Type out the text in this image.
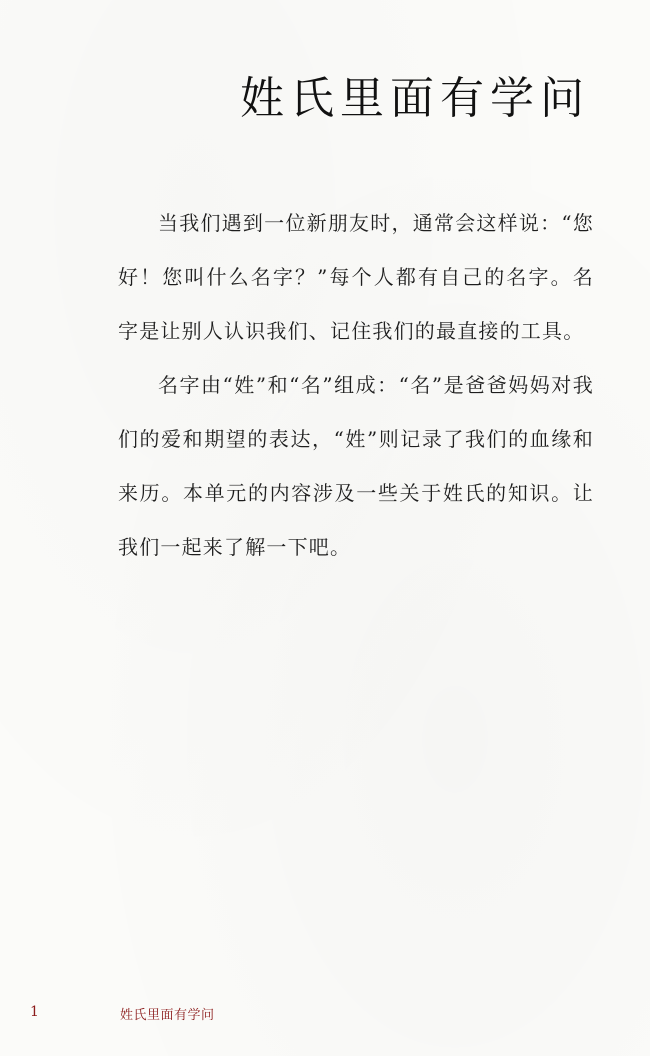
姓氏里面有学问

当我们遇到一位新朋友时，通常会这样说：“您好！您叫什么名字？”每个人都有自己的名字。名字是让别人认识我们、记住我们的最直接的工具。

名字由“姓”和“名”组成：“名”是爸爸妈妈对我们的爱和期望的表达，“姓”则记录了我们的血缘和来历。本单元的内容涉及一些关于姓氏的知识。让我们一起来了解一下吧。

1	姓氏里面有学问
